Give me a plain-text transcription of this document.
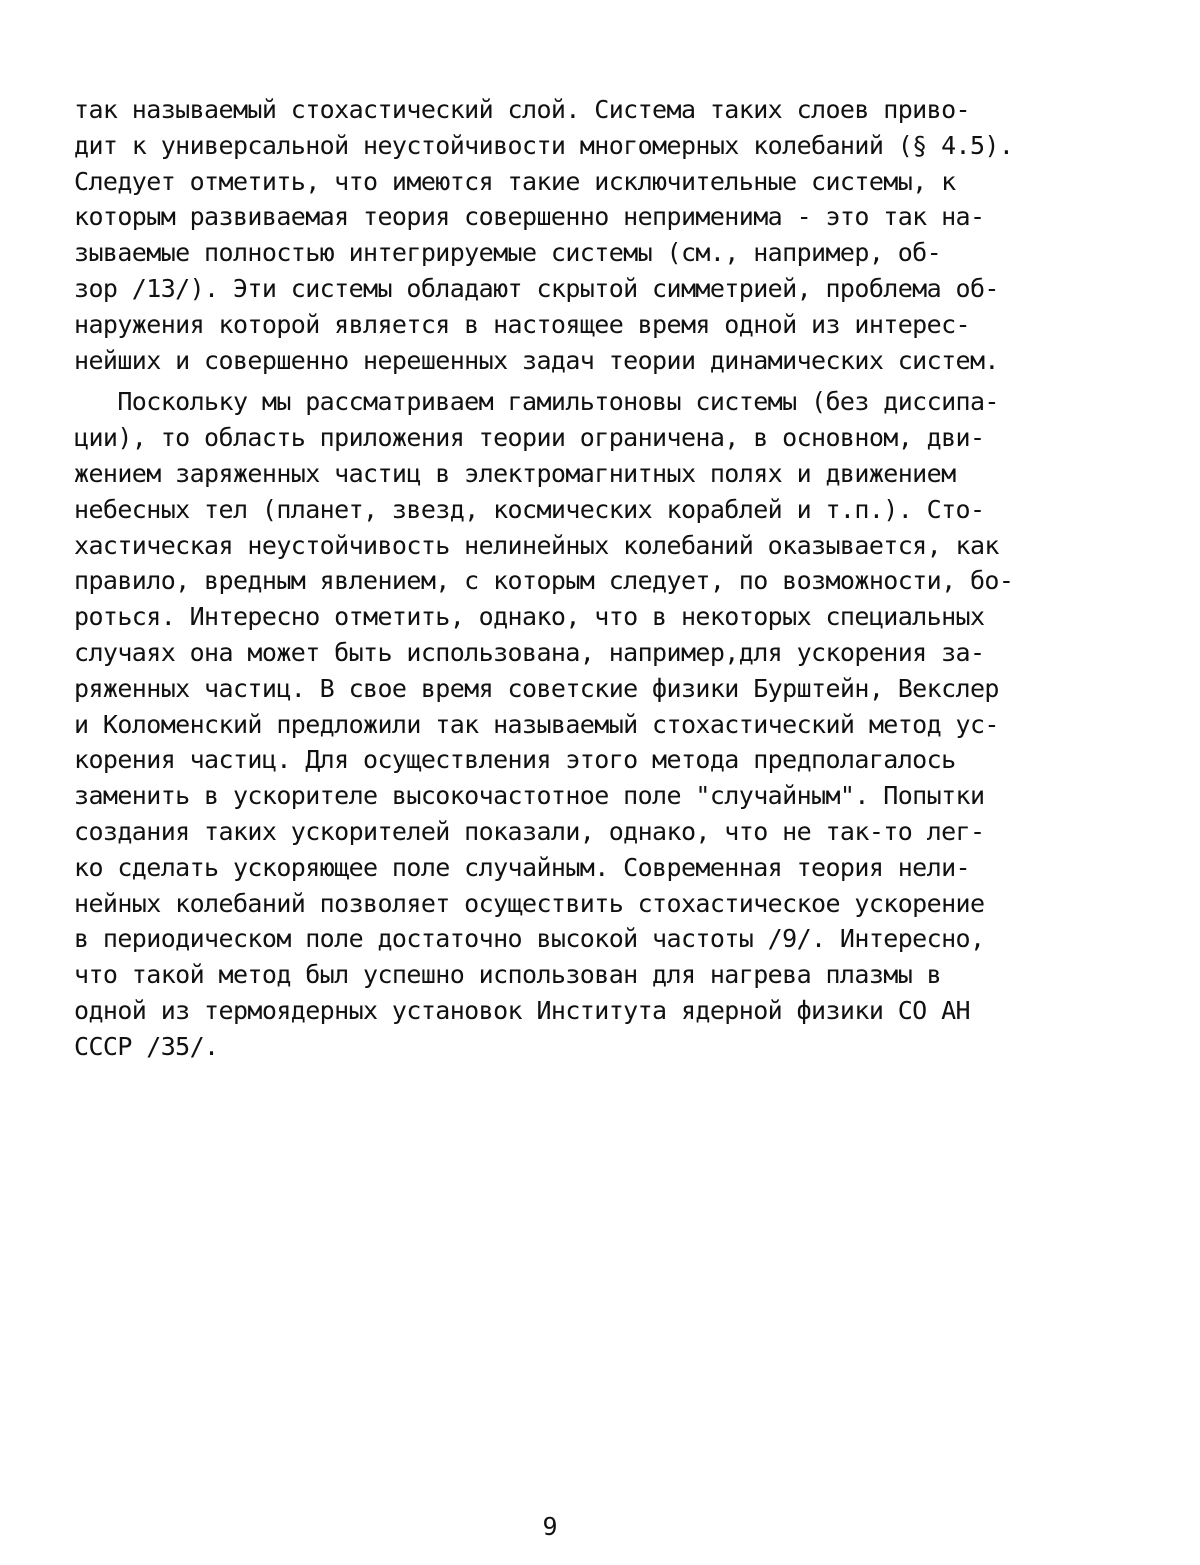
так называемый стохастический слой. Система таких слоев приво-
дит к универсальной неустойчивости многомерных колебаний (§ 4.5).
Следует отметить, что имеются такие исключительные системы, к
которым развиваемая теория совершенно неприменима - это так на-
зываемые полностью интегрируемые системы (см., например, об-
зор /13/). Эти системы обладают скрытой симметрией, проблема об-
наружения которой является в настоящее время одной из интерес-
нейших и совершенно нерешенных задач теории динамических систем.
Поскольку мы рассматриваем гамильтоновы системы (без диссипа-
ции), то область приложения теории ограничена, в основном, дви-
жением заряженных частиц в электромагнитных полях и движением
небесных тел (планет, звезд, космических кораблей и т.п.). Сто-
хастическая неустойчивость нелинейных колебаний оказывается, как
правило, вредным явлением, с которым следует, по возможности, бо-
роться. Интересно отметить, однако, что в некоторых специальных
случаях она может быть использована, например,для ускорения за-
ряженных частиц. В свое время советские физики Бурштейн, Векслер
и Коломенский предложили так называемый стохастический метод ус-
корения частиц. Для осуществления этого метода предполагалось
заменить в ускорителе высокочастотное поле "случайным". Попытки
создания таких ускорителей показали, однако, что не так-то лег-
ко сделать ускоряющее поле случайным. Современная теория нели-
нейных колебаний позволяет осуществить стохастическое ускорение
в периодическом поле достаточно высокой частоты /9/. Интересно,
что такой метод был успешно использован для нагрева плазмы в
одной из термоядерных установок Института ядерной физики СО АН
СССР /35/.
9
